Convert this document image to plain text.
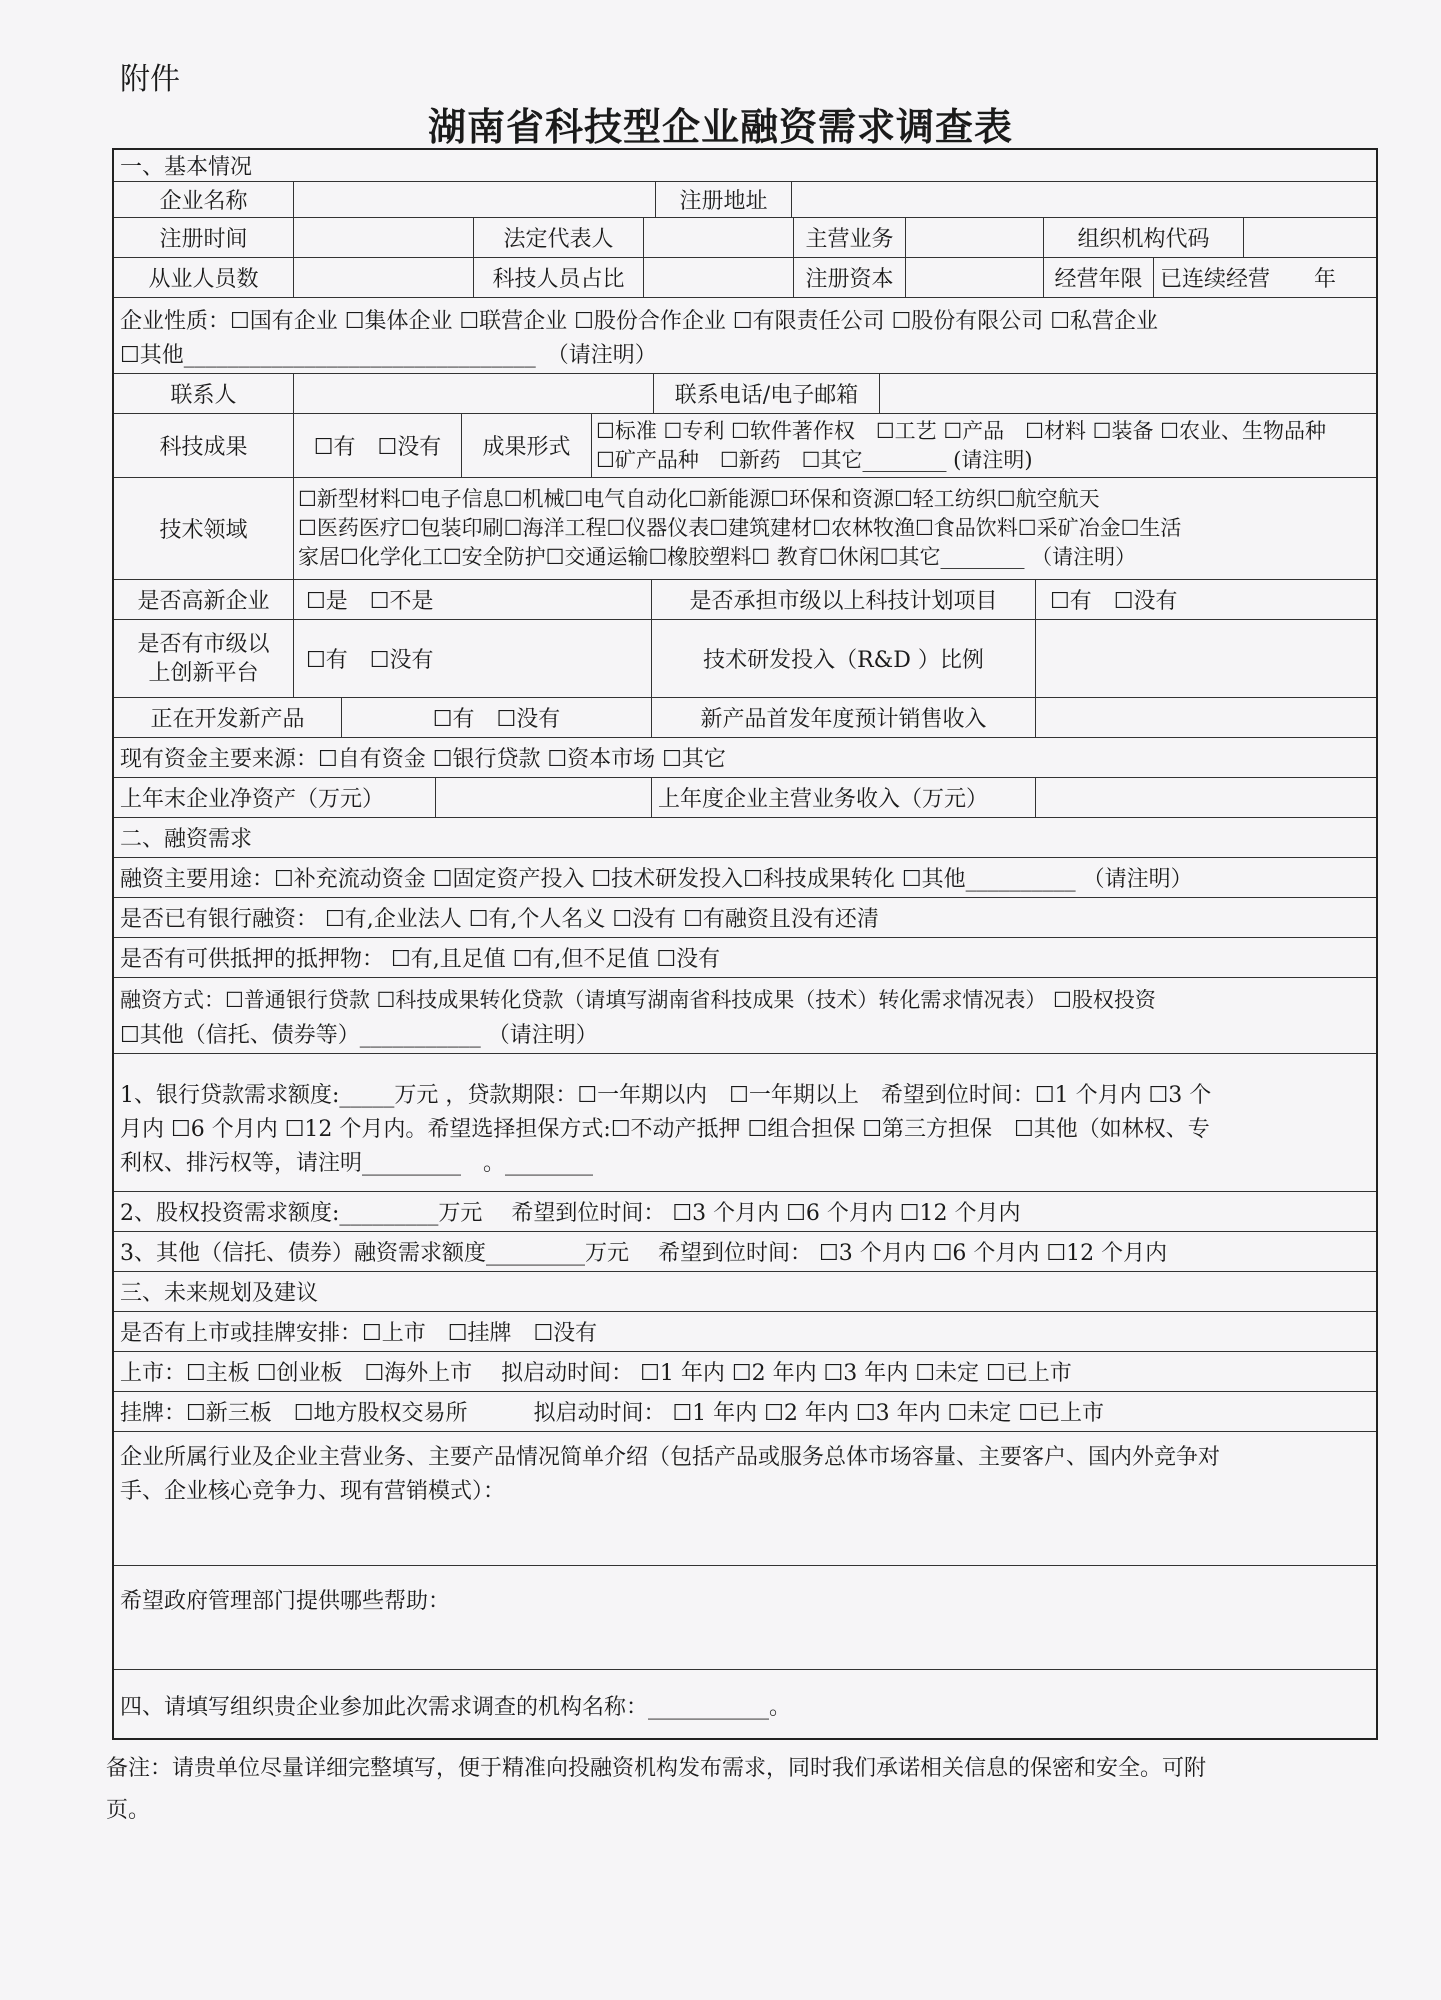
附件
湖南省科技型企业融资需求调查表
一、基本情况
企业名称	注册地址
注册时间	法定代表人	主营业务	组织机构代码
从业人员数	科技人员占比	注册资本	经营年限 已连续经营　　年
企业性质：☐国有企业 ☐集体企业 ☐联营企业 ☐股份合作企业 ☐有限责任公司 ☐股份有限公司 ☐私营企业
☐其他________________________________　（请注明）
联系人	联系电话/电子邮箱
科技成果	☐有　☐没有	成果形式
☐标准 ☐专利 ☐软件著作权　☐工艺 ☐产品　☐材料 ☐装备 ☐农业、生物品种
☐矿产品种　☐新药　☐其它________ (请注明)
技术领域
☐新型材料☐电子信息☐机械☐电气自动化☐新能源☐环保和资源☐轻工纺织☐航空航天
☐医药医疗☐包装印刷☐海洋工程☐仪器仪表☐建筑建材☐农林牧渔☐食品饮料☐采矿冶金☐生活
家居☐化学化工☐安全防护☐交通运输☐橡胶塑料☐ 教育☐休闲☐其它________ （请注明）
是否高新企业	☐是　☐不是	是否承担市级以上科技计划项目	☐有　☐没有
是否有市级以
上创新平台	☐有　☐没有	技术研发投入（R&D ）比例
正在开发新产品	☐有　☐没有	新产品首发年度预计销售收入
现有资金主要来源：☐自有资金 ☐银行贷款 ☐资本市场 ☐其它
上年末企业净资产（万元）	上年度企业主营业务收入（万元）
二、融资需求
融资主要用途：☐补充流动资金 ☐固定资产投入 ☐技术研发投入☐科技成果转化 ☐其他__________ （请注明）
是否已有银行融资： ☐有,企业法人 ☐有,个人名义 ☐没有 ☐有融资且没有还清
是否有可供抵押的抵押物： ☐有,且足值 ☐有,但不足值 ☐没有
融资方式：☐普通银行贷款 ☐科技成果转化贷款（请填写湖南省科技成果（技术）转化需求情况表） ☐股权投资
☐其他（信托、债券等）___________ （请注明）
1、银行贷款需求额度:_____万元 ，贷款期限：☐一年期以内　☐一年期以上　希望到位时间：☐1 个月内 ☐3 个
月内 ☐6 个月内 ☐12 个月内。希望选择担保方式:☐不动产抵押 ☐组合担保 ☐第三方担保　☐其他（如林权、专
利权、排污权等，请注明_________　。________
2、股权投资需求额度:_________万元　 希望到位时间： ☐3 个月内 ☐6 个月内 ☐12 个月内
3、其他（信托、债券）融资需求额度_________万元　 希望到位时间： ☐3 个月内 ☐6 个月内 ☐12 个月内
三、未来规划及建议
是否有上市或挂牌安排：☐上市　☐挂牌　☐没有
上市：☐主板 ☐创业板　☐海外上市　 拟启动时间： ☐1 年内 ☐2 年内 ☐3 年内 ☐未定 ☐已上市
挂牌：☐新三板　☐地方股权交易所　　　拟启动时间： ☐1 年内 ☐2 年内 ☐3 年内 ☐未定 ☐已上市
企业所属行业及企业主营业务、主要产品情况简单介绍（包括产品或服务总体市场容量、主要客户、国内外竞争对
手、企业核心竞争力、现有营销模式）：
希望政府管理部门提供哪些帮助：
四、请填写组织贵企业参加此次需求调查的机构名称：___________。
备注：请贵单位尽量详细完整填写，便于精准向投融资机构发布需求，同时我们承诺相关信息的保密和安全。可附
页。
